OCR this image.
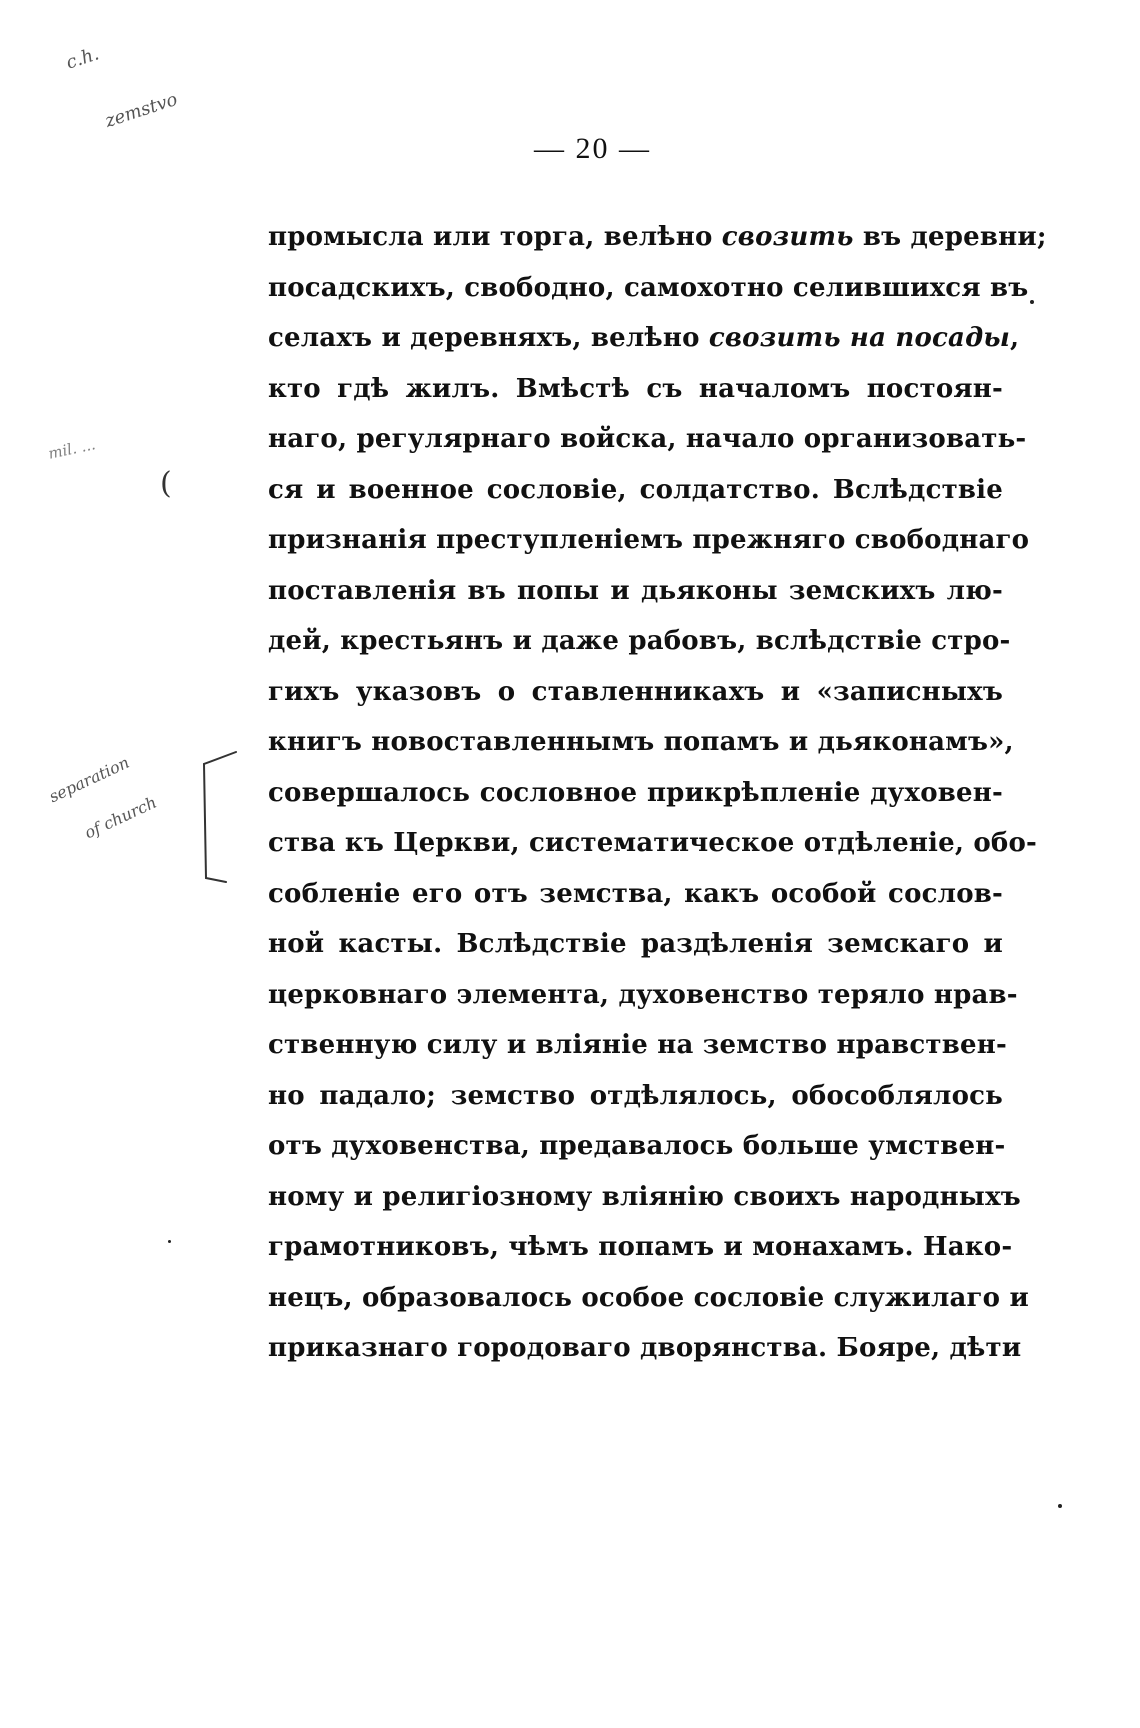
— 20 —
c.h.
zemstvo
mil. ...
(
separation
of church
промысла или торга, велѣно свозить въ деревни;
посадскихъ, свободно, самохотно селившихся въ
селахъ и деревняхъ, велѣно свозить на посады,
кто гдѣ жилъ. Вмѣстѣ съ началомъ постоян-
наго, регулярнаго войска, начало организовать-
ся и военное сословіе, солдатство. Вслѣдствіе
признанія преступленіемъ прежняго свободнаго
поставленія въ попы и дьяконы земскихъ лю-
дей, крестьянъ и даже рабовъ, вслѣдствіе стро-
гихъ указовъ о ставленникахъ и «записныхъ
книгъ новоставленнымъ попамъ и дьяконамъ»,
совершалось сословное прикрѣпленіе духовен-
ства къ Церкви, систематическое отдѣленіе, обо-
собленіе его отъ земства, какъ особой сослов-
ной касты. Вслѣдствіе раздѣленія земскаго и
церковнаго элемента, духовенство теряло нрав-
ственную силу и вліяніе на земство нравствен-
но падало; земство отдѣлялось, обособлялось
отъ духовенства, предавалось больше умствен-
ному и религіозному вліянію своихъ народныхъ
грамотниковъ, чѣмъ попамъ и монахамъ. Нако-
нецъ, образовалось особое сословіе служилаго и
приказнаго городоваго дворянства. Бояре, дѣти
